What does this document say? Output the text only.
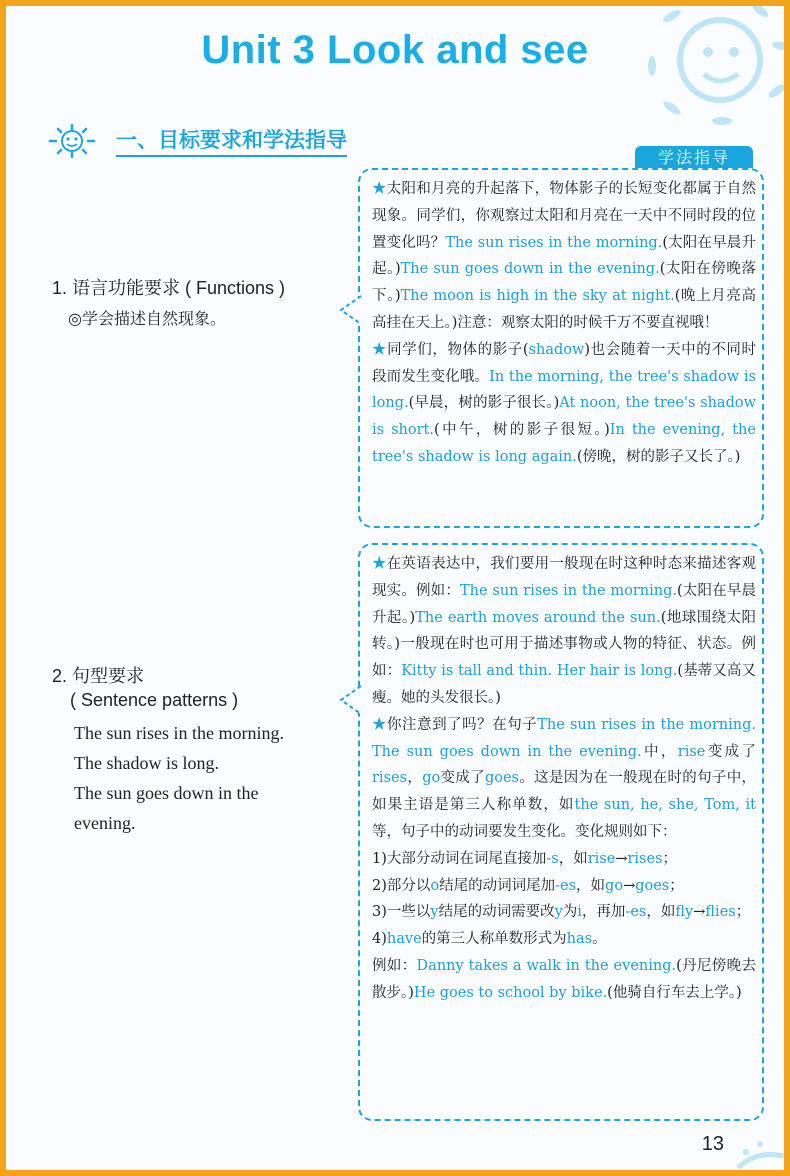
Unit 3 Look and see
一、目标要求和学法指导
学法指导
1. 语言功能要求 ( Functions )
◎学会描述自然现象。
2. 句型要求
( Sentence patterns )
The sun rises in the morning.
The shadow is long.
The sun goes down in the evening.

★太阳和月亮的升起落下，物体影子的长短变化都属于自然现象。同学们，你观察过太阳和月亮在一天中不同时段的位置变化吗？The sun rises in the morning.(太阳在早晨升起。)The sun goes down in the evening.(太阳在傍晚落下。)The moon is high in the sky at night.(晚上月亮高高挂在天上。)注意：观察太阳的时候千万不要直视哦！

★同学们，物体的影子(shadow)也会随着一天中的不同时段而发生变化哦。In the morning, the tree's shadow is long.(早晨，树的影子很长。)At noon, the tree's shadow is short.(中午，树的影子很短。)In the evening, the tree's shadow is long again.(傍晚，树的影子又长了。)

★在英语表达中，我们要用一般现在时这种时态来描述客观现实。例如：The sun rises in the morning.(太阳在早晨升起。)The earth moves around the sun.(地球围绕太阳转。)一般现在时也可用于描述事物或人物的特征、状态。例如：Kitty is tall and thin. Her hair is long.(基蒂又高又瘦。她的头发很长。)

★你注意到了吗？在句子The sun rises in the morning. The sun goes down in the evening.中，rise变成了rises，go变成了goes。这是因为在一般现在时的句子中，如果主语是第三人称单数，如the sun, he, she, Tom, it等，句子中的动词要发生变化。变化规则如下：

1)大部分动词在词尾直接加-s，如rise→rises；

2)部分以o结尾的动词词尾加-es，如go→goes；

3)一些以y结尾的动词需要改y为i，再加-es，如fly→flies；

4)have的第三人称单数形式为has。

例如：Danny takes a walk in the evening.(丹尼傍晚去散步。)He goes to school by bike.(他骑自行车去上学。)

13
